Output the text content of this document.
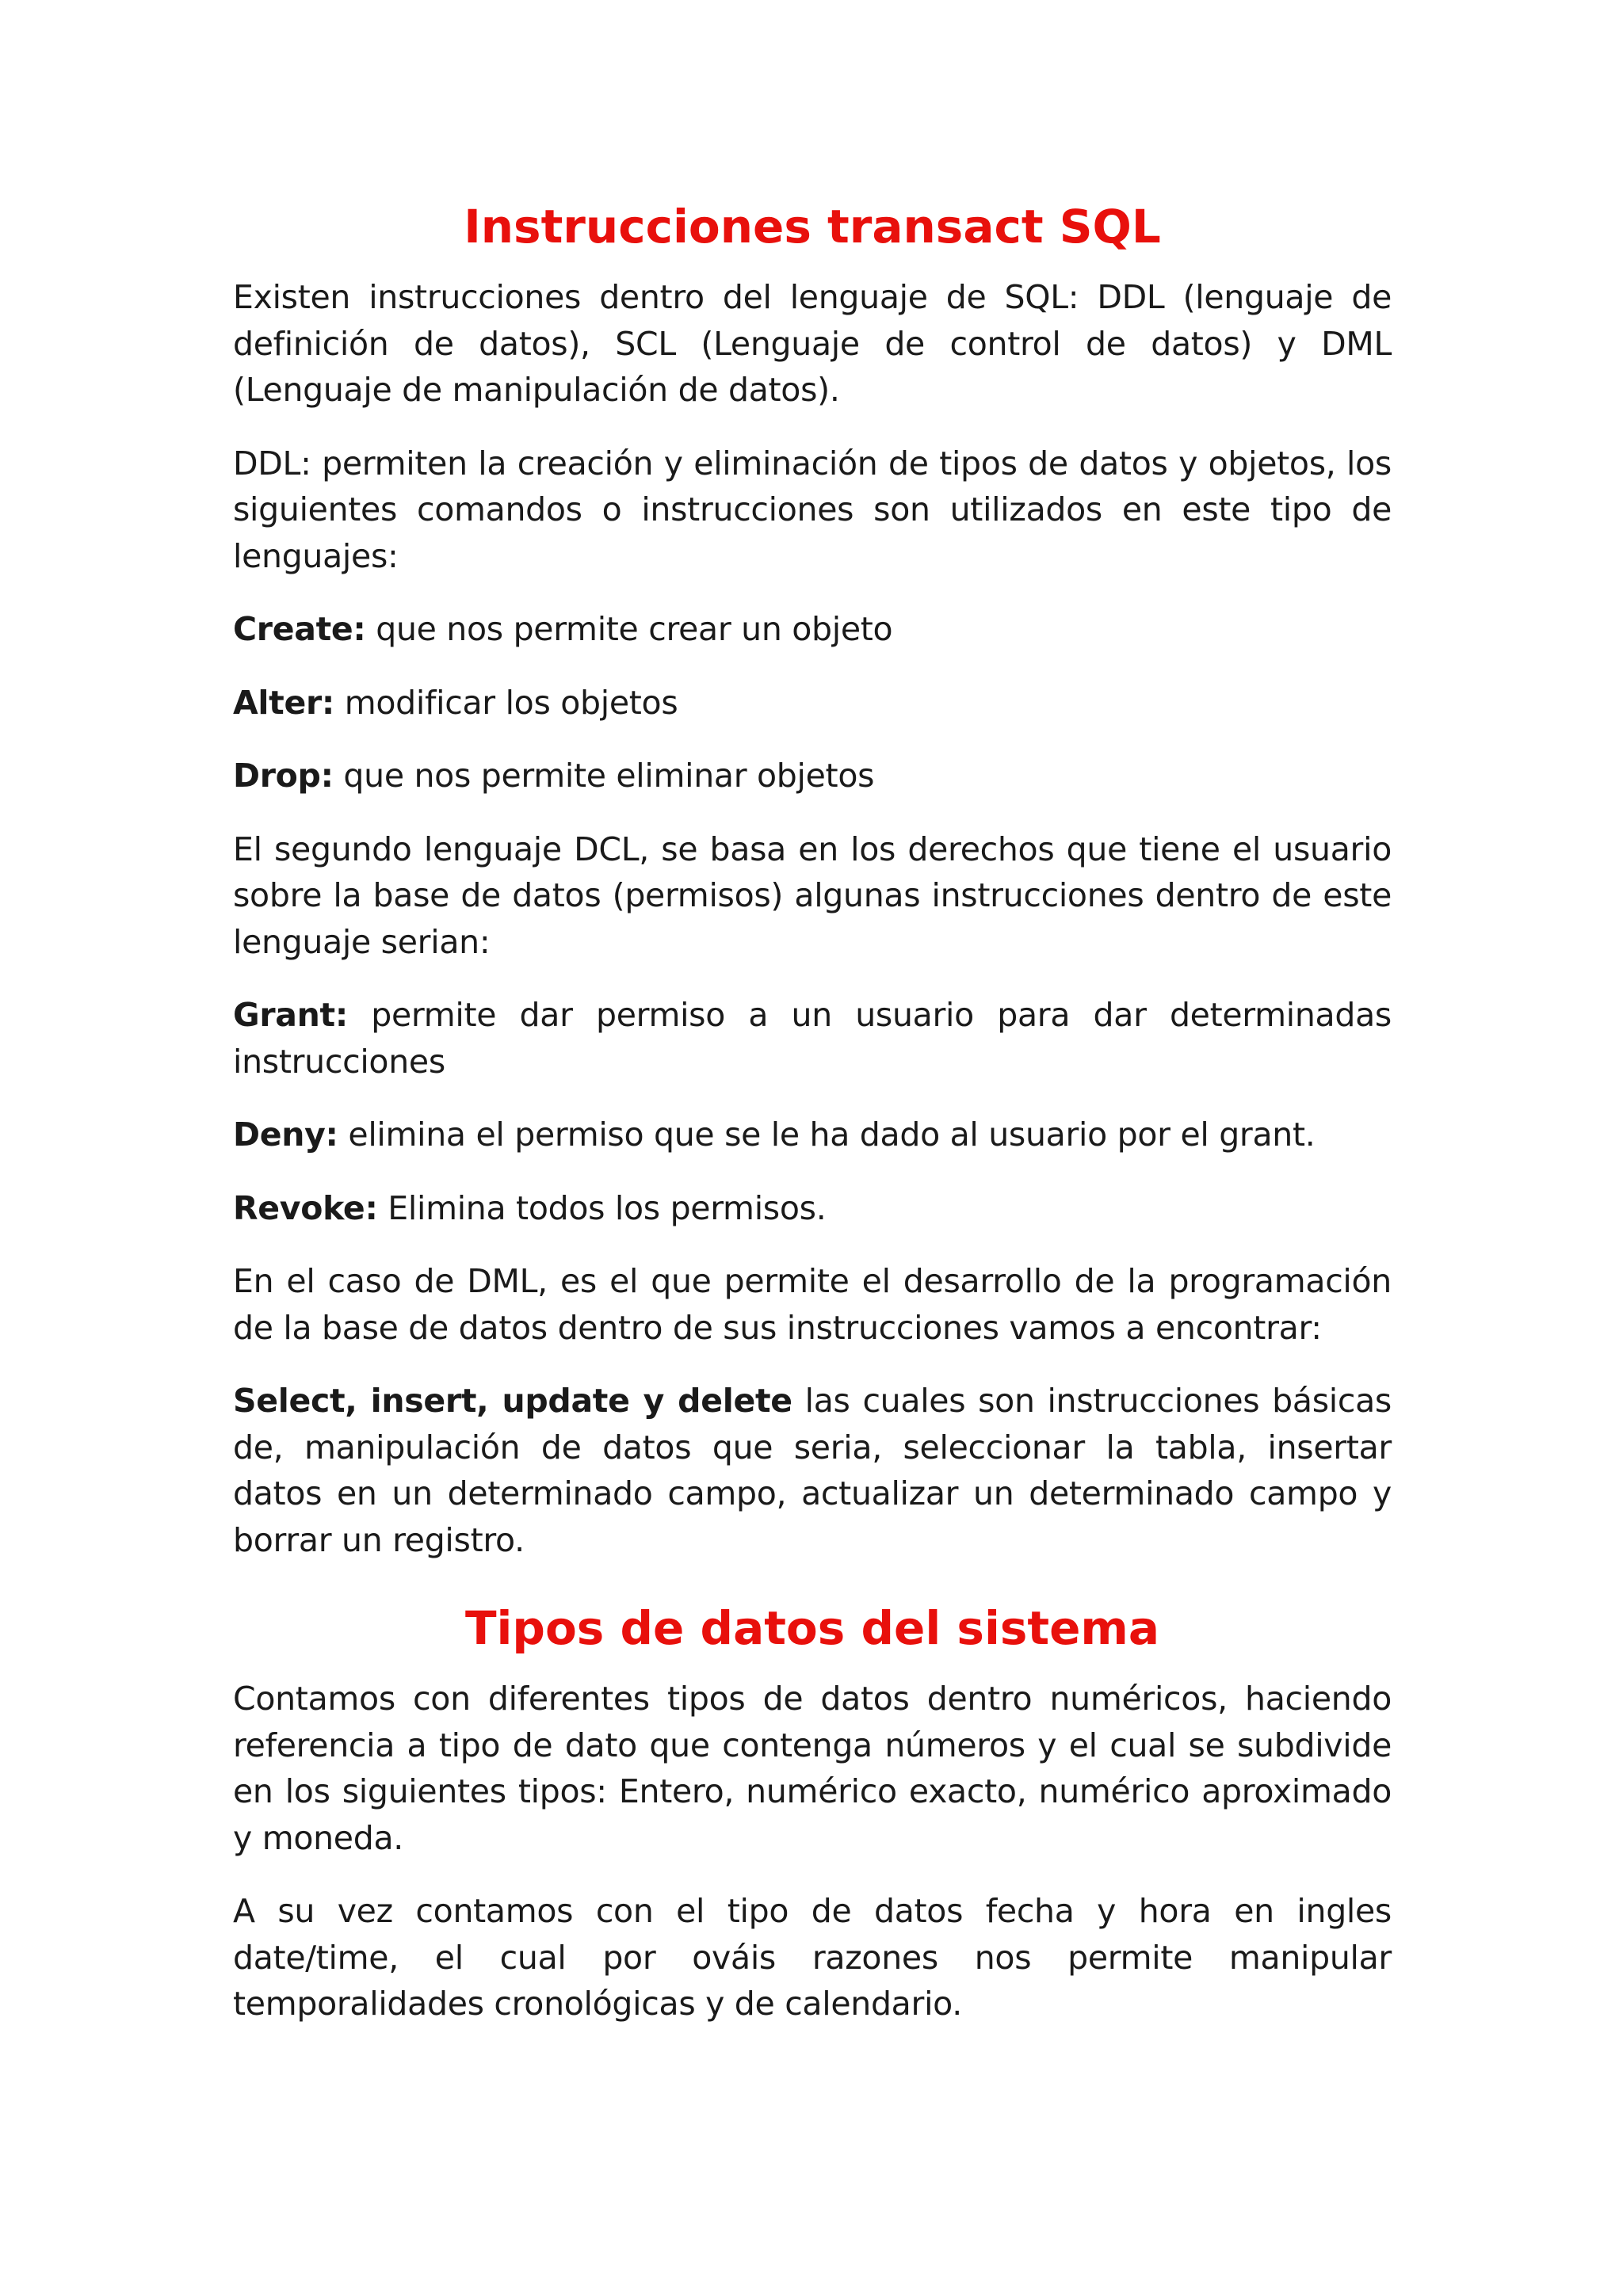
Instrucciones transact SQL

Existen instrucciones dentro del lenguaje de SQL: DDL (lenguaje de definición de datos), SCL (Lenguaje de control de datos) y DML (Lenguaje de manipulación de datos).

DDL: permiten la creación y eliminación de tipos de datos y objetos, los siguientes comandos o instrucciones son utilizados en este tipo de lenguajes:

Create: que nos permite crear un objeto

Alter: modificar los objetos

Drop: que nos permite eliminar objetos

El segundo lenguaje DCL, se basa en los derechos que tiene el usuario sobre la base de datos (permisos) algunas instrucciones dentro de este lenguaje serian:

Grant: permite dar permiso a un usuario para dar determinadas instrucciones

Deny: elimina el permiso que se le ha dado al usuario por el grant.

Revoke: Elimina todos los permisos.

En el caso de DML, es el que permite el desarrollo de la programación de la base de datos dentro de sus instrucciones vamos a encontrar:

Select, insert, update y delete las cuales son instrucciones básicas de, manipulación de datos que seria, seleccionar la tabla, insertar datos en un determinado campo, actualizar un determinado campo y borrar un registro.

Tipos de datos del sistema

Contamos con diferentes tipos de datos dentro numéricos, haciendo referencia a tipo de dato que contenga números y el cual se subdivide en los siguientes tipos: Entero, numérico exacto, numérico aproximado y moneda.

A su vez contamos con el tipo de datos fecha y hora en ingles date/time, el cual por ováis razones nos permite manipular temporalidades cronológicas y de calendario.
